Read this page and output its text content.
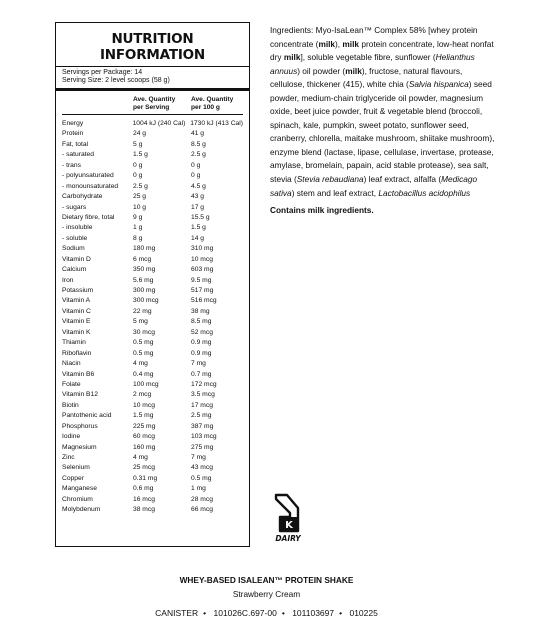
NUTRITION INFORMATION
Servings per Package: 14
Serving Size: 2 level scoops (58 g)
Ave. Quantity
per Serving
Ave. Quantity
per 100 g
Energy	1004 kJ (240 Cal) 1730 kJ (413 Cal)
Protein	24 g	41 g
Fat, total	5 g	8.5 g
- saturated	1.5 g	2.5 g
- trans	0 g	0 g
- polyunsaturated	0 g	0 g
- monounsaturated	2.5 g	4.5 g
Carbohydrate	25 g	43 g
- sugars	10 g	17 g
Dietary fibre, total	9 g	15.5 g
- insoluble	1 g	1.5 g
- soluble	8 g	14 g
Sodium	180 mg	310 mg
Vitamin D	6 mcg	10 mcg
Calcium	350 mg	603 mg
Iron	5.6 mg	9.5 mg
Potassium	300 mg	517 mg
Vitamin A	300 mcg	516 mcg
Vitamin C	22 mg	38 mg
Vitamin E	5 mg	8.5 mg
Vitamin K	30 mcg	52 mcg
Thiamin	0.5 mg	0.9 mg
Riboflavin	0.5 mg	0.9 mg
Niacin	4 mg	7 mg
Vitamin B6	0.4 mg	0.7 mg
Folate	100 mcg	172 mcg
Vitamin B12	2 mcg	3.5 mcg
Biotin	10 mcg	17 mcg
Pantothenic acid	1.5 mg	2.5 mg
Phosphorus	225 mg	387 mg
Iodine	60 mcg	103 mcg
Magnesium	160 mg	275 mg
Zinc	4 mg	7 mg
Selenium	25 mcg	43 mcg
Copper	0.31 mg	0.5 mg
Manganese	0.6 mg	1 mg
Chromium	16 mcg	28 mcg
Molybdenum	38 mcg	66 mcg

Ingredients: Myo-IsaLean™ Complex 58% [whey protein concentrate (milk), milk protein concentrate, low-heat nonfat dry milk], soluble vegetable fibre, sunflower (Helianthus annuus) oil powder (milk), fructose, natural flavours, cellulose, thickener (415), white chia (Salvia hispanica) seed powder, medium-chain triglyceride oil powder, magnesium oxide, beet juice powder, fruit & vegetable blend (broccoli, spinach, kale, pumpkin, sweet potato, sunflower seed, cranberry, chlorella, maitake mushroom, shiitake mushroom), enzyme blend (lactase, lipase, cellulase, invertase, protease, amylase, bromelain, papain, acid stable protease), sea salt, stevia (Stevia rebaudiana) leaf extract, alfalfa (Medicago sativa) stem and leaf extract, Lactobacillus acidophilus

Contains milk ingredients.

K
DAIRY
WHEY-BASED ISALEAN™ PROTEIN SHAKE
Strawberry Cream
CANISTER • 101026C.697-00 • 101103697 • 010225
